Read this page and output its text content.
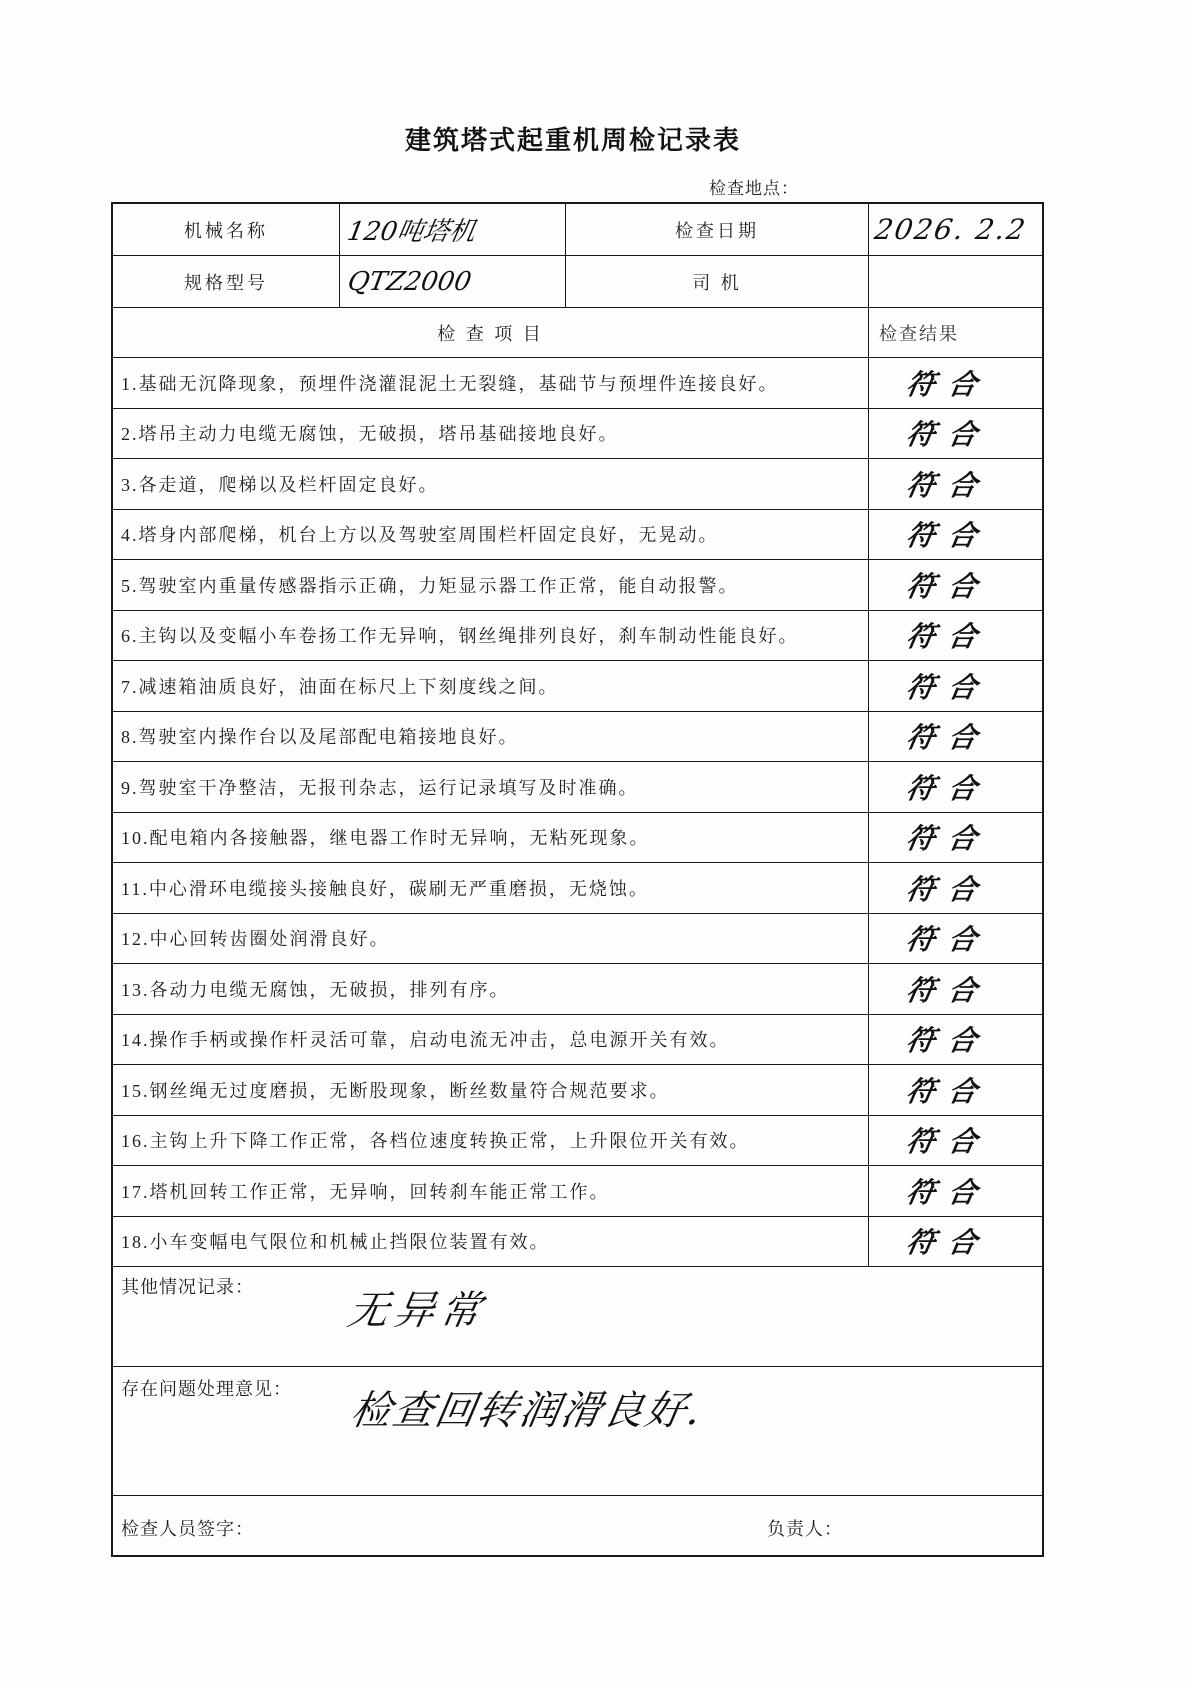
建筑塔式起重机周检记录表
检查地点：
机械名称	120吨塔机	检查日期	2026. 2.2
规格型号	QTZ2000	司 机
检 查 项 目	检查结果
1.基础无沉降现象，预埋件浇灌混泥土无裂缝，基础节与预埋件连接良好。	符合
2.塔吊主动力电缆无腐蚀，无破损，塔吊基础接地良好。	符合
3.各走道，爬梯以及栏杆固定良好。	符合
4.塔身内部爬梯，机台上方以及驾驶室周围栏杆固定良好，无晃动。	符合
5.驾驶室内重量传感器指示正确，力矩显示器工作正常，能自动报警。	符合
6.主钩以及变幅小车卷扬工作无异响，钢丝绳排列良好，刹车制动性能良好。	符合
7.减速箱油质良好，油面在标尺上下刻度线之间。	符合
8.驾驶室内操作台以及尾部配电箱接地良好。	符合
9.驾驶室干净整洁，无报刊杂志，运行记录填写及时准确。	符合
10.配电箱内各接触器，继电器工作时无异响，无粘死现象。	符合
11.中心滑环电缆接头接触良好，碳刷无严重磨损，无烧蚀。	符合
12.中心回转齿圈处润滑良好。	符合
13.各动力电缆无腐蚀，无破损，排列有序。	符合
14.操作手柄或操作杆灵活可靠，启动电流无冲击，总电源开关有效。	符合
15.钢丝绳无过度磨损，无断股现象，断丝数量符合规范要求。	符合
16.主钩上升下降工作正常，各档位速度转换正常，上升限位开关有效。	符合
17.塔机回转工作正常，无异响，回转刹车能正常工作。	符合
18.小车变幅电气限位和机械止挡限位装置有效。	符合
其他情况记录：
无异常
存在问题处理意见： 检查回转润滑良好.
检查人员签字：	负责人：
